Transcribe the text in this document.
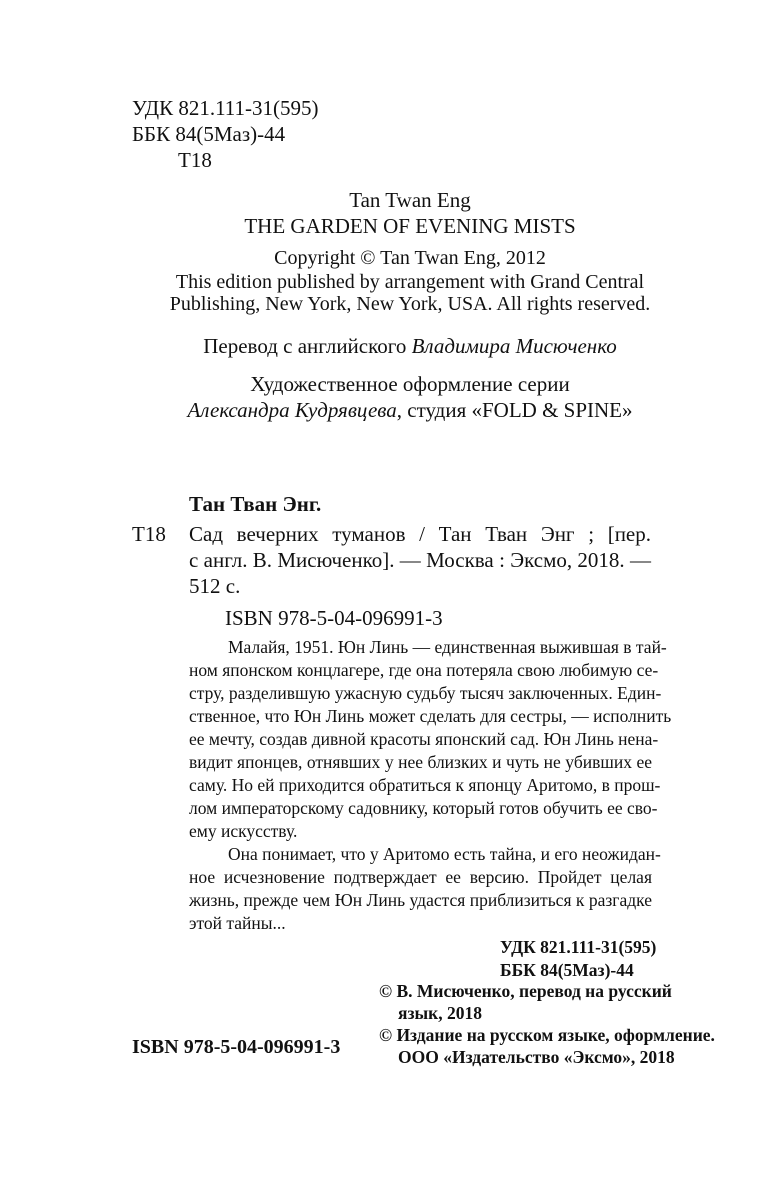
УДК 821.111-31(595)
ББК 84(5Маз)-44
Т18
Tan Twan Eng
THE GARDEN OF EVENING MISTS
Copyright © Tan Twan Eng, 2012
This edition published by arrangement with Grand Central
Publishing, New York, New York, USA. All rights reserved.
Перевод с английского Владимира Мисюченко
Художественное оформление серии
Александра Кудрявцева, студия «FOLD & SPINE»
Тан Тван Энг.
Т18 Сад вечерних туманов / Тан Тван Энг ; [пер.
с англ. В. Мисюченко]. — Москва : Эксмо, 2018. —
512 с.
ISBN 978-5-04-096991-3
Малайя, 1951. Юн Линь — единственная выжившая в тай-
ном японском концлагере, где она потеряла свою любимую се-
стру, разделившую ужасную судьбу тысяч заключенных. Един-
ственное, что Юн Линь может сделать для сестры, — исполнить
ее мечту, создав дивной красоты японский сад. Юн Линь нена-
видит японцев, отнявших у нее близких и чуть не убивших ее
саму. Но ей приходится обратиться к японцу Аритомо, в прош-
лом императорскому садовнику, который готов обучить ее сво-
ему искусству.
Она понимает, что у Аритомо есть тайна, и его неожидан-
ное исчезновение подтверждает ее версию. Пройдет целая
жизнь, прежде чем Юн Линь удастся приблизиться к разгадке
этой тайны...
УДК 821.111-31(595)
ББК 84(5Маз)-44
© В. Мисюченко, перевод на русский
язык, 2018
© Издание на русском языке, оформление.
ООО «Издательство «Эксмо», 2018
ISBN 978-5-04-096991-3
